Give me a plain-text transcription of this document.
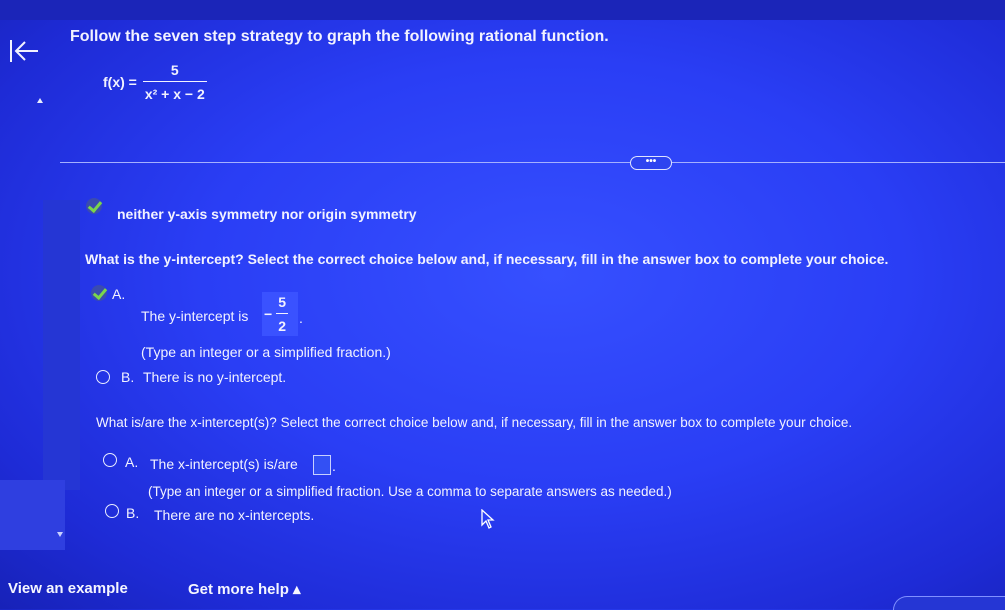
Follow the seven step strategy to graph the following rational function.
$f(x) = \frac{5}{\text{x² + x − 2}}$
•••
neither y-axis symmetry nor origin symmetry
What is the y-intercept? Select the correct choice below and, if necessary, fill in the answer box to complete your choice.
A.
The y-intercept is − $\frac{5}{2}$ .
(Type an integer or a simplified fraction.)
B. There is no y-intercept.
What is/are the x-intercept(s)? Select the correct choice below and, if necessary, fill in the answer box to complete your choice.
A. The x-intercept(s) is/are .
(Type an integer or a simplified fraction. Use a comma to separate answers as needed.)
B. There are no x-intercepts.
View an example	Get more help ▴
